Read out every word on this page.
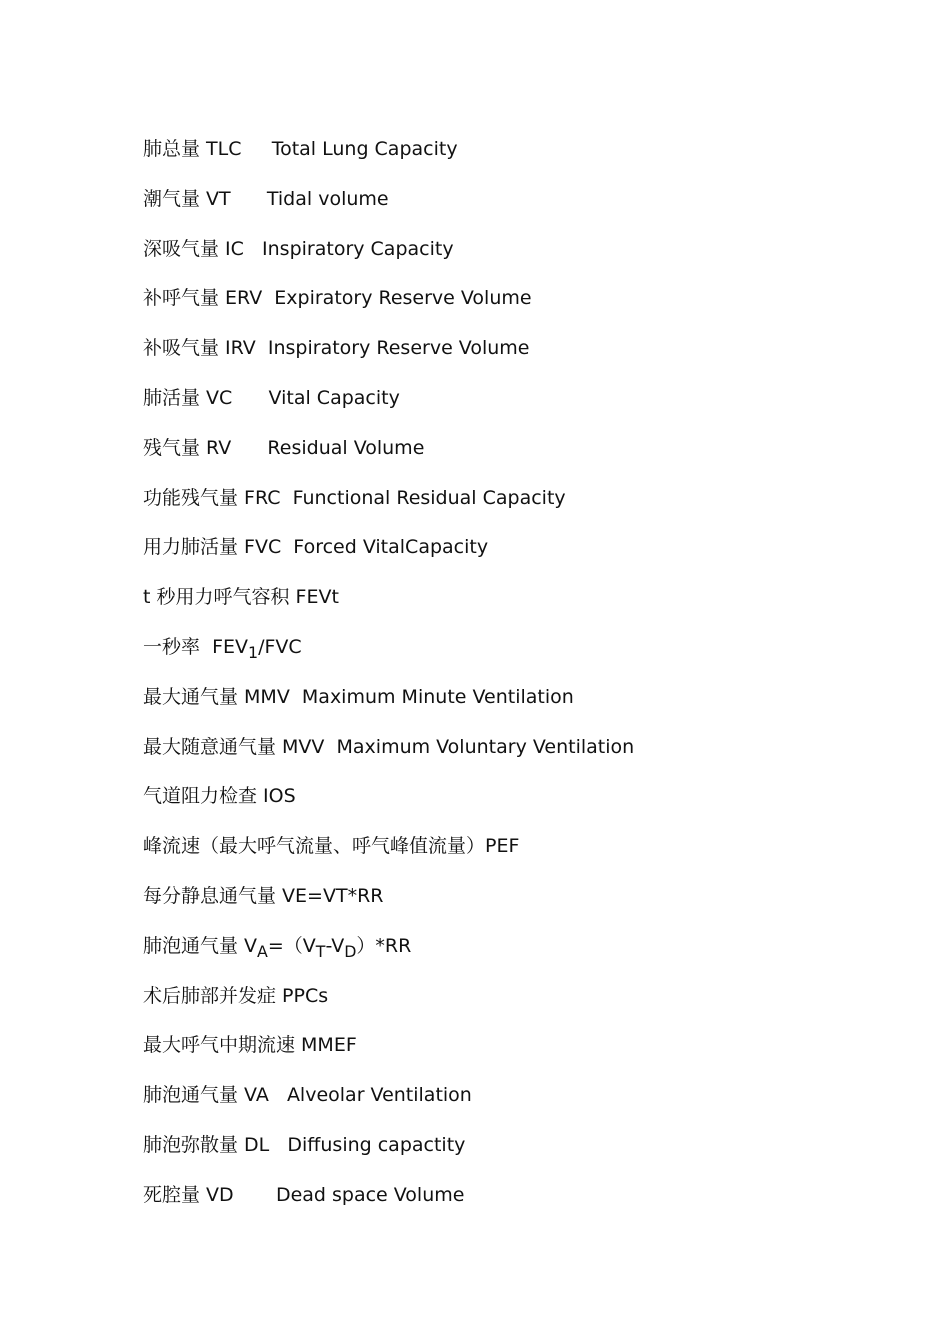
肺总量 TLC     Total Lung Capacity
潮气量 VT      Tidal volume
深吸气量 IC   Inspiratory Capacity
补呼气量 ERV  Expiratory Reserve Volume
补吸气量 IRV  Inspiratory Reserve Volume
肺活量 VC      Vital Capacity
残气量 RV      Residual Volume
功能残气量 FRC  Functional Residual Capacity
用力肺活量 FVC  Forced VitalCapacity
t 秒用力呼气容积 FEVt
一秒率  $FEV_1$/FVC
最大通气量 MMV  Maximum Minute Ventilation
最大随意通气量 MVV  Maximum Voluntary Ventilation
气道阻力检查 IOS
峰流速（最大呼气流量、呼气峰值流量）PEF
每分静息通气量 VE=VT*RR
肺泡通气量 $V_A=(V_T-V_D)*RR$
术后肺部并发症 PPCs
最大呼气中期流速 MMEF
肺泡通气量 VA   Alveolar Ventilation
肺泡弥散量 DL   Diffusing capactity
死腔量 VD       Dead space Volume
